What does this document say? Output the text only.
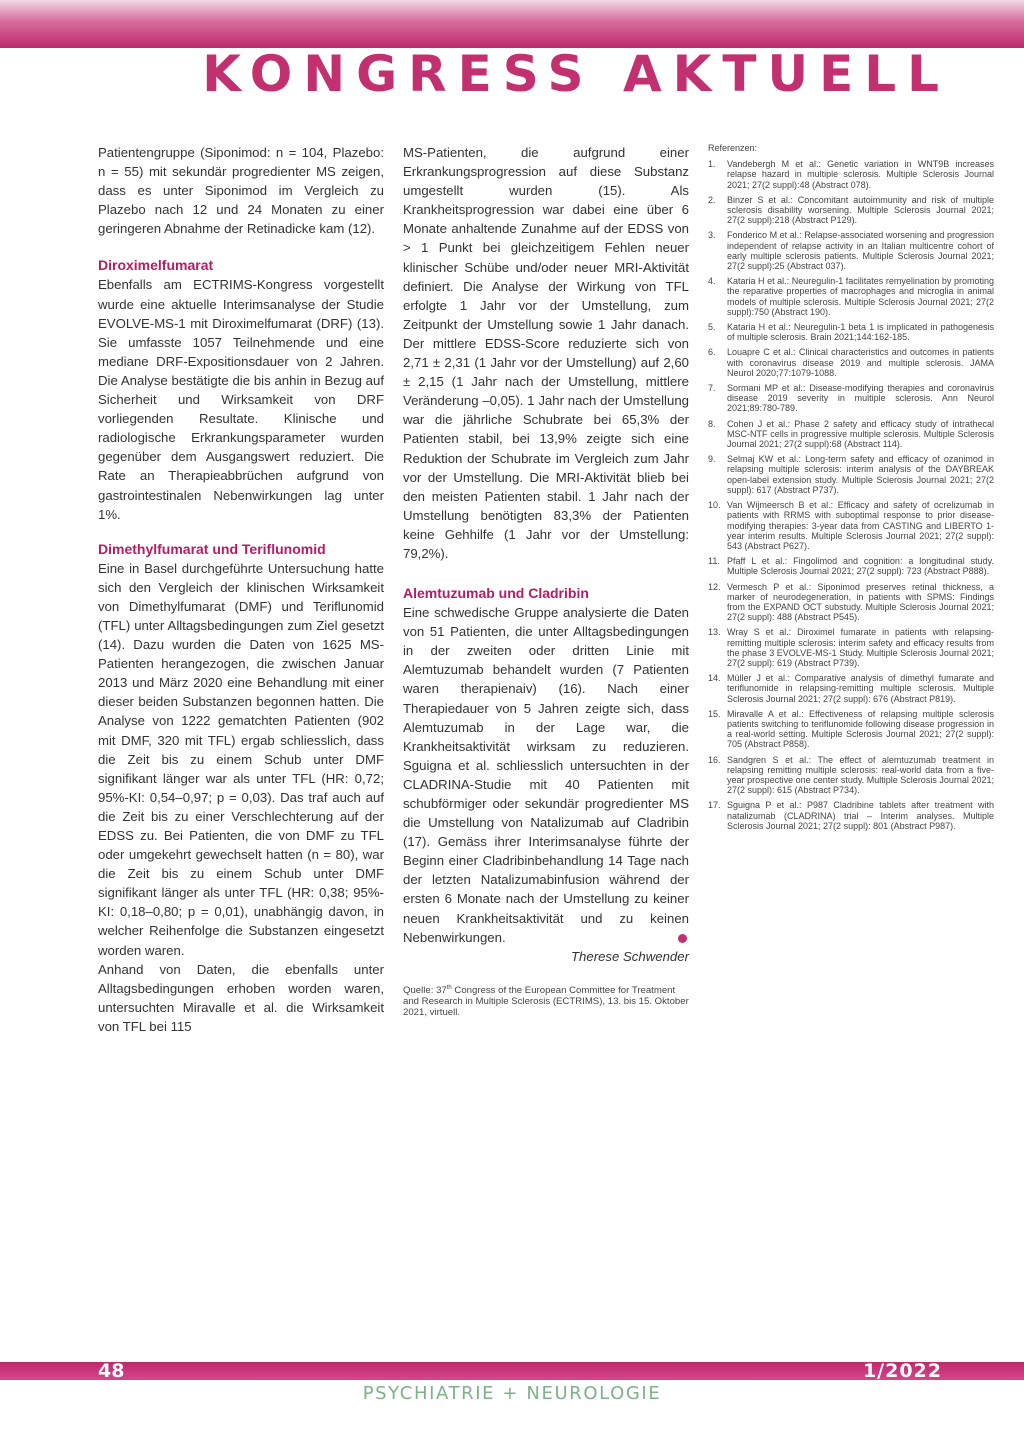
KONGRESS AKTUELL

Patientengruppe (Siponimod: n = 104, Plazebo: n = 55) mit sekundär progredienter MS zeigen, dass es unter Siponimod im Vergleich zu Plazebo nach 12 und 24 Monaten zu einer geringeren Abnahme der Retinadicke kam (12).

Diroximelfumarat

Ebenfalls am ECTRIMS-Kongress vorgestellt wurde eine aktuelle Interimsanalyse der Studie EVOLVE-MS-1 mit Diroximelfumarat (DRF) (13). Sie umfasste 1057 Teilnehmende und eine mediane DRF-Expositionsdauer von 2 Jahren. Die Analyse bestätigte die bis anhin in Bezug auf Sicherheit und Wirksamkeit von DRF vorliegenden Resultate. Klinische und radiologische Erkrankungsparameter wurden gegenüber dem Ausgangswert reduziert. Die Rate an Therapieabbrüchen aufgrund von gastrointestinalen Nebenwirkungen lag unter 1%.

Dimethylfumarat und Teriflunomid

Eine in Basel durchgeführte Untersuchung hatte sich den Vergleich der klinischen Wirksamkeit von Dimethylfumarat (DMF) und Teriflunomid (TFL) unter Alltagsbedingungen zum Ziel gesetzt (14). Dazu wurden die Daten von 1625 MS-Patienten herangezogen, die zwischen Januar 2013 und März 2020 eine Behandlung mit einer dieser beiden Substanzen begonnen hatten. Die Analyse von 1222 gematchten Patienten (902 mit DMF, 320 mit TFL) ergab schliesslich, dass die Zeit bis zu einem Schub unter DMF signifikant länger war als unter TFL (HR: 0,72; 95%-KI: 0,54–0,97; p = 0,03). Das traf auch auf die Zeit bis zu einer Verschlechterung auf der EDSS zu. Bei Patienten, die von DMF zu TFL oder umgekehrt gewechselt hatten (n = 80), war die Zeit bis zu einem Schub unter DMF signifikant länger als unter TFL (HR: 0,38; 95%-KI: 0,18–0,80; p = 0,01), unabhängig davon, in welcher Reihenfolge die Substanzen eingesetzt worden waren.

Anhand von Daten, die ebenfalls unter Alltagsbedingungen erhoben worden waren, untersuchten Miravalle et al. die Wirksamkeit von TFL bei 115

MS-Patienten, die aufgrund einer Erkrankungsprogression auf diese Substanz umgestellt wurden (15). Als Krankheitsprogression war dabei eine über 6 Monate anhaltende Zunahme auf der EDSS von > 1 Punkt bei gleichzeitigem Fehlen neuer klinischer Schübe und/oder neuer MRI-Aktivität definiert. Die Analyse der Wirkung von TFL erfolgte 1 Jahr vor der Umstellung, zum Zeitpunkt der Umstellung sowie 1 Jahr danach. Der mittlere EDSS-Score reduzierte sich von 2,71 ± 2,31 (1 Jahr vor der Umstellung) auf 2,60 ± 2,15 (1 Jahr nach der Umstellung, mittlere Veränderung –0,05). 1 Jahr nach der Umstellung war die jährliche Schubrate bei 65,3% der Patienten stabil, bei 13,9% zeigte sich eine Reduktion der Schubrate im Vergleich zum Jahr vor der Umstellung. Die MRI-Aktivität blieb bei den meisten Patienten stabil. 1 Jahr nach der Umstellung benötigten 83,3% der Patienten keine Gehhilfe (1 Jahr vor der Umstellung: 79,2%).

Alemtuzumab und Cladribin

Eine schwedische Gruppe analysierte die Daten von 51 Patienten, die unter Alltagsbedingungen in der zweiten oder dritten Linie mit Alemtuzumab behandelt wurden (7 Patienten waren therapienaiv) (16). Nach einer Therapiedauer von 5 Jahren zeigte sich, dass Alemtuzumab in der Lage war, die Krankheitsaktivität wirksam zu reduzieren. Sguigna et al. schliesslich untersuchten in der CLADRINA-Studie mit 40 Patienten mit schubförmiger oder sekundär progredienter MS die Umstellung von Natalizumab auf Cladribin (17). Gemäss ihrer Interimsanalyse führte der Beginn einer Cladribinbehandlung 14 Tage nach der letzten Natalizumabinfusion während der ersten 6 Monate nach der Umstellung zu keiner neuen Krankheitsaktivität und zu keinen Nebenwirkungen.

Therese Schwender

Quelle: 37th Congress of the European Committee for Treatment and Research in Multiple Sclerosis (ECTRIMS), 13. bis 15. Oktober 2021, virtuell.

Referenzen:

1. Vandebergh M et al.: Genetic variation in WNT9B increases relapse hazard in multiple sclerosis. Multiple Sclerosis Journal 2021; 27(2 suppl):48 (Abstract 078).
2. Binzer S et al.: Concomitant autoimmunity and risk of multiple sclerosis disability worsening. Multiple Sclerosis Journal 2021; 27(2 suppl):218 (Abstract P129).
3. Fonderico M et al.: Relapse-associated worsening and progression independent of relapse activity in an Italian multicentre cohort of early multiple sclerosis patients. Multiple Sclerosis Journal 2021; 27(2 suppl):25 (Abstract 037).
4. Kataria H et al.: Neuregulin-1 facilitates remyelination by promoting the reparative properties of macrophages and microglia in animal models of multiple sclerosis. Multiple Sclerosis Journal 2021; 27(2 suppl):750 (Abstract 190).
5. Kataria H et al.: Neuregulin-1 beta 1 is implicated in pathogenesis of multiple sclerosis. Brain 2021;144:162-185.
6. Louapre C et al.: Clinical characteristics and outcomes in patients with coronavirus disease 2019 and multiple sclerosis. JAMA Neurol 2020;77:1079-1088.
7. Sormani MP et al.: Disease-modifying therapies and coronavirus disease 2019 severity in multiple sclerosis. Ann Neurol 2021;89:780-789.
8. Cohen J et al.: Phase 2 safety and efficacy study of intrathecal MSC-NTF cells in progressive multiple sclerosis. Multiple Sclerosis Journal 2021; 27(2 suppl):68 (Abstract 114).
9. Selmaj KW et al.: Long-term safety and efficacy of ozanimod in relapsing multiple sclerosis: interim analysis of the DAYBREAK open-label extension study. Multiple Sclerosis Journal 2021; 27(2 suppl): 617 (Abstract P737).
10. Van Wijmeersch B et al.: Efficacy and safety of ocrelizumab in patients with RRMS with suboptimal response to prior disease-modifying therapies: 3-year data from CASTING and LIBERTO 1-year interim results. Multiple Sclerosis Journal 2021; 27(2 suppl): 543 (Abstract P627).
11. Pfaff L et al.: Fingolimod and cognition: a longitudinal study. Multiple Sclerosis Journal 2021; 27(2 suppl): 723 (Abstract P888).
12. Vermesch P et al.: Siponimod preserves retinal thickness, a marker of neurodegeneration, in patients with SPMS: Findings from the EXPAND OCT substudy. Multiple Sclerosis Journal 2021; 27(2 suppl): 488 (Abstract P545).
13. Wray S et al.: Diroximel fumarate in patients with relapsing-remitting multiple sclerosis: interim safety and efficacy results from the phase 3 EVOLVE-MS-1 Study. Multiple Sclerosis Journal 2021; 27(2 suppl): 619 (Abstract P739).
14. Müller J et al.: Comparative analysis of dimethyl fumarate and teriflunomide in relapsing-remitting multiple sclerosis. Multiple Sclerosis Journal 2021; 27(2 suppl): 676 (Abstract P819).
15. Miravalle A et al.: Effectiveness of relapsing multiple sclerosis patients switching to teriflunomide following disease progression in a real-world setting. Multiple Sclerosis Journal 2021; 27(2 suppl): 705 (Abstract P858).
16. Sandgren S et al.: The effect of alemtuzumab treatment in relapsing remitting multiple sclerosis: real-world data from a five-year prospective one center study. Multiple Sclerosis Journal 2021; 27(2 suppl): 615 (Abstract P734).
17. Sguigna P et al.: P987 Cladribine tablets after treatment with natalizumab (CLADRINA) trial – Interim analyses. Multiple Sclerosis Journal 2021; 27(2 suppl): 801 (Abstract P987).
48	1/2022
PSYCHIATRIE + NEUROLOGIE
